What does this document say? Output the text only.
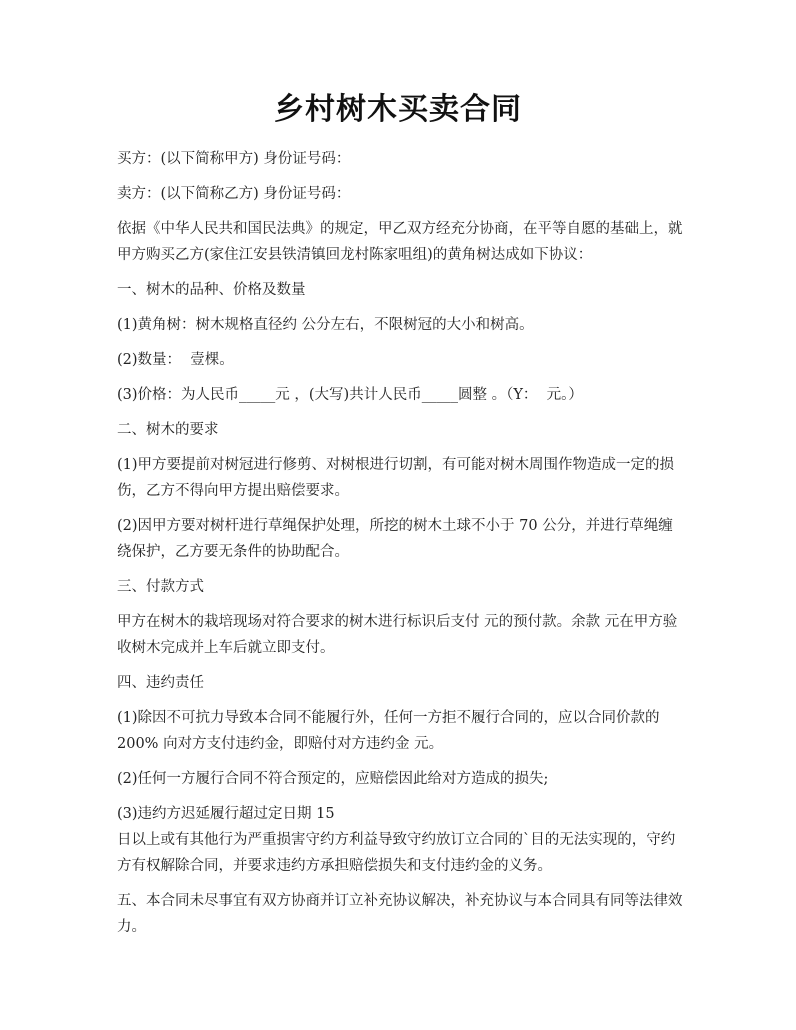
乡村树木买卖合同

买方：(以下简称甲方) 身份证号码：

卖方：(以下简称乙方) 身份证号码：

依据《中华人民共和国民法典》的规定，甲乙双方经充分协商，在平等自愿的基础上，就甲方购买乙方(家住江安县铁清镇回龙村陈家咀组)的黄角树达成如下协议：

一、树木的品种、价格及数量

(1)黄角树：树木规格直径约 公分左右，不限树冠的大小和树高。

(2)数量：  壹棵。

(3)价格：为人民币_____元 ，(大写)共计人民币_____圆整 。（Y：  元。）

二、树木的要求

(1)甲方要提前对树冠进行修剪、对树根进行切割，有可能对树木周围作物造成一定的损伤，乙方不得向甲方提出赔偿要求。

(2)因甲方要对树杆进行草绳保护处理，所挖的树木土球不小于 70 公分，并进行草绳缠绕保护，乙方要无条件的协助配合。

三、付款方式

甲方在树木的栽培现场对符合要求的树木进行标识后支付 元的预付款。余款 元在甲方验收树木完成并上车后就立即支付。

四、违约责任

(1)除因不可抗力导致本合同不能履行外，任何一方拒不履行合同的，应以合同价款的 200% 向对方支付违约金，即赔付对方违约金 元。

(2)任何一方履行合同不符合预定的，应赔偿因此给对方造成的损失;

(3)违约方迟延履行超过定日期 15

日以上或有其他行为严重损害守约方利益导致守约放订立合同的`目的无法实现的，守约方有权解除合同，并要求违约方承担赔偿损失和支付违约金的义务。

五、本合同未尽事宜有双方协商并订立补充协议解决，补充协议与本合同具有同等法律效力。
